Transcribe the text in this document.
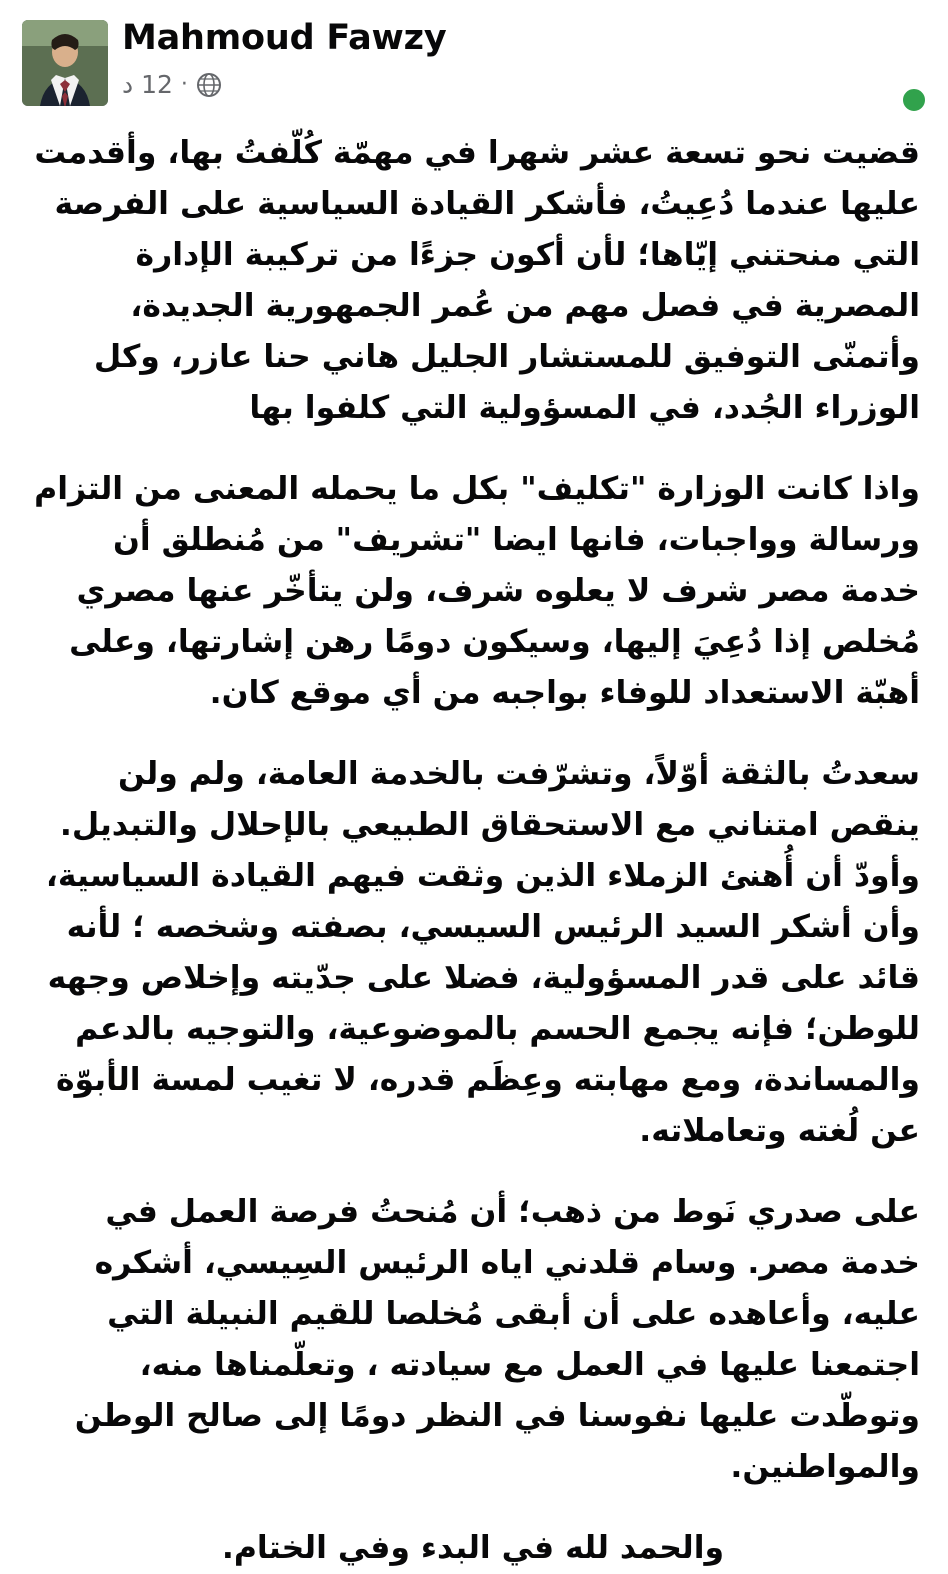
Mahmoud Fawzy
·
12 د

قضيت نحو تسعة عشر شهرا في مهمّة كُلّفتُ بها، وأقدمت عليها عندما دُعِيتُ، فأشكر القيادة السياسية على الفرصة التي منحتني إيّاها؛ لأن أكون جزءًا من تركيبة الإدارة المصرية في فصل مهم من عُمر الجمهورية الجديدة، وأتمنّى التوفيق للمستشار الجليل هاني حنا عازر، وكل الوزراء الجُدد، في المسؤولية التي كلفوا بها

واذا كانت الوزارة "تكليف" بكل ما يحمله المعنى من التزام ورسالة وواجبات، فانها ايضا "تشريف" من مُنطلق أن خدمة مصر شرف لا يعلوه شرف، ولن يتأخّر عنها مصري مُخلص إذا دُعِيَ إليها، وسيكون دومًا رهن إشارتها، وعلى أهبّة الاستعداد للوفاء بواجبه من أي موقع كان.

سعدتُ بالثقة أوّلاً، وتشرّفت بالخدمة العامة، ولم ولن ينقص امتناني مع الاستحقاق الطبيعي بالإحلال والتبديل. وأودّ أن أُهنئ الزملاء الذين وثقت فيهم القيادة السياسية، وأن أشكر السيد الرئيس السيسي، بصفته وشخصه ؛ لأنه قائد على قدر المسؤولية، فضلا على جدّيته وإخلاص وجهه للوطن؛ فإنه يجمع الحسم بالموضوعية، والتوجيه بالدعم والمساندة، ومع مهابته وعِظَم قدره، لا تغيب لمسة الأبوّة عن لُغته وتعاملاته.

على صدري نَوط من ذهب؛ أن مُنحتُ فرصة العمل في خدمة مصر. وسام قلدني اياه الرئيس السِيسي، أشكره عليه، وأعاهده على أن أبقى مُخلصا للقيم النبيلة التي اجتمعنا عليها في العمل مع سيادته ، وتعلّمناها منه، وتوطّدت عليها نفوسنا في النظر دومًا إلى صالح الوطن والمواطنين.

والحمد لله في البدء وفي الختام.
